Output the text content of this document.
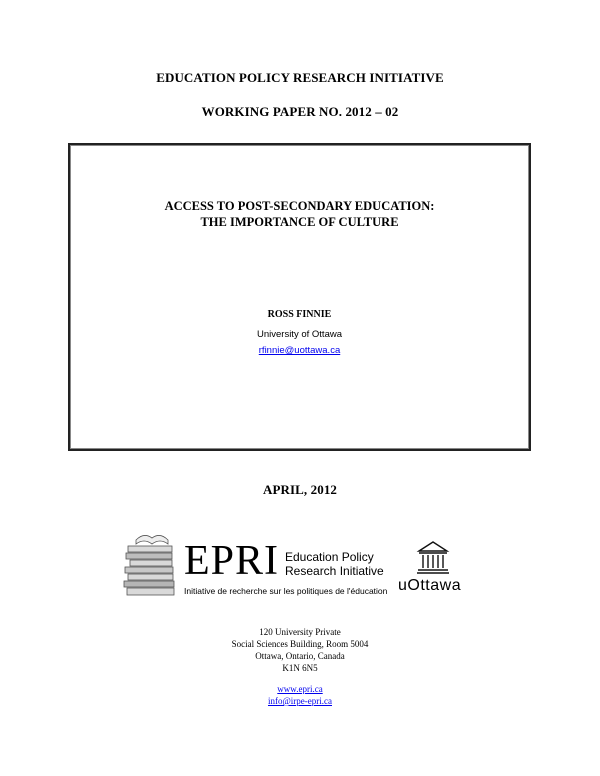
EDUCATION POLICY RESEARCH INITIATIVE
WORKING PAPER NO. 2012 – 02
ACCESS TO POST-SECONDARY EDUCATION:
THE IMPORTANCE OF CULTURE
ROSS FINNIE
University of Ottawa
rfinnie@uottawa.ca
APRIL, 2012
EPRI Education Policy
Research Initiative
Initiative de recherche sur les politiques de l'éducation uOttawa
120 University Private
Social Sciences Building, Room 5004
Ottawa, Ontario, Canada
K1N 6N5
www.epri.ca
info@irpe-epri.ca
